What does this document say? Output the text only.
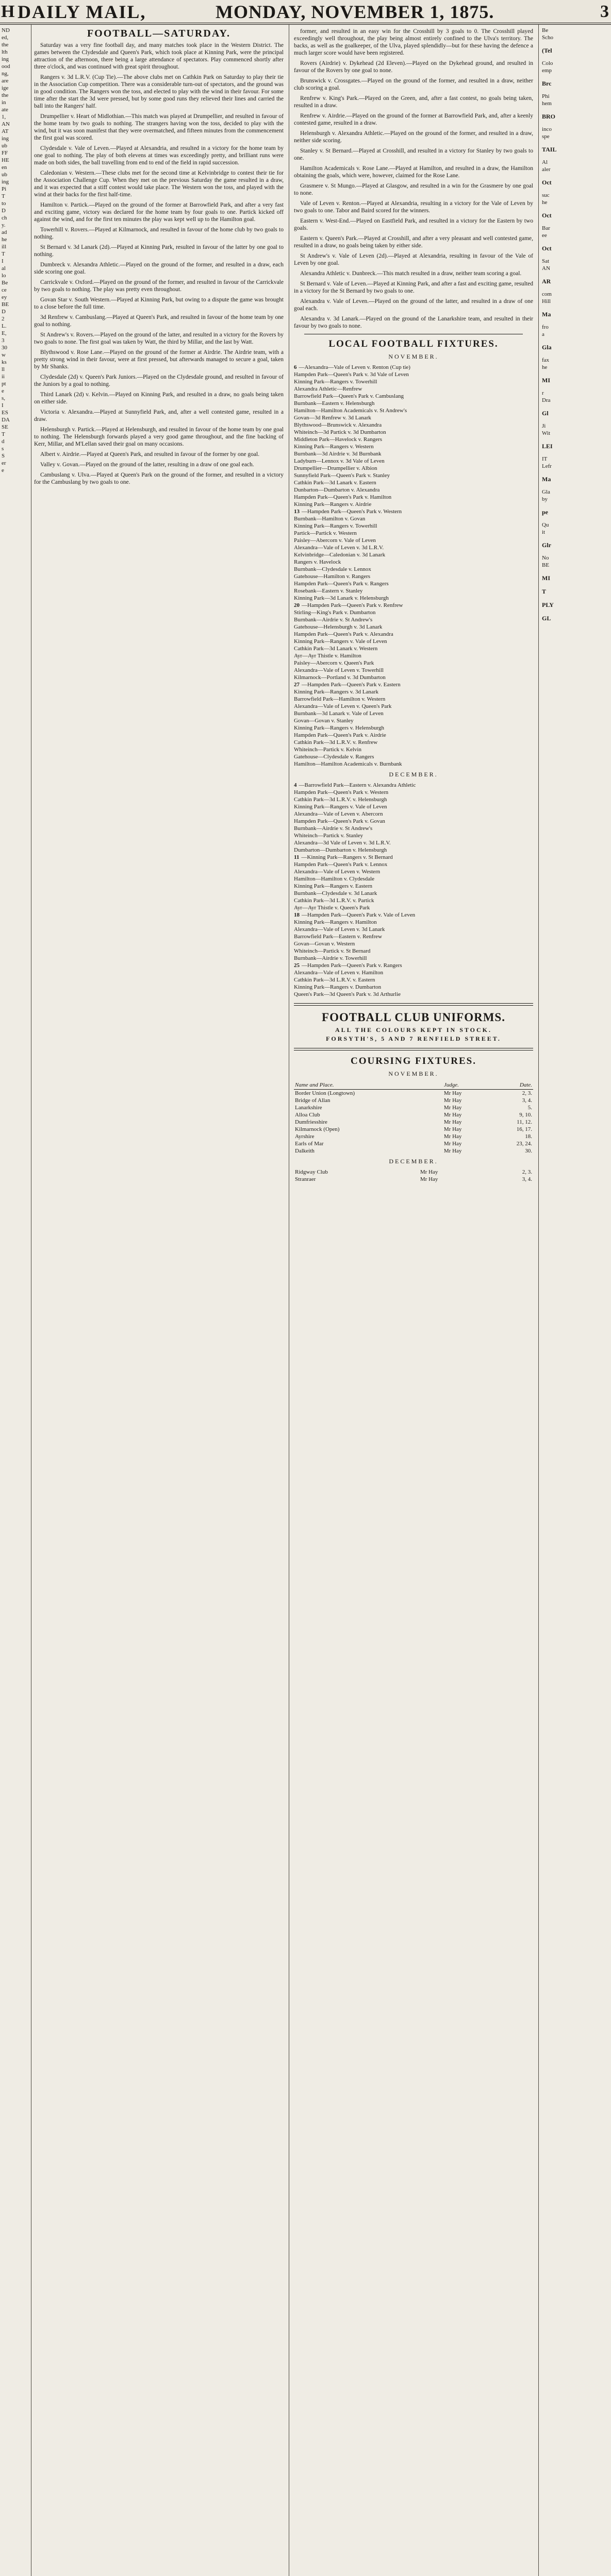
H DAILY MAIL,	MONDAY, NOVEMBER 1, 1875.	3
ND
ed,
the
lth
ing
ood
ng,
are
ige
the
in
ate
1,
AN
AT
ing
ub
FF
HE
en
ub
ing
Pi
T
to
D
ch
y.
ad
he
ill
T
I
al
lo
Be
ce
ey
BE
D
2
L.
E,
3
30
w
ks
ll
ii
pt
e
s,
I
ES
DA
SE
T
d
s
S
er
e
FOOTBALL—SATURDAY.

Saturday was a very fine football day, and many matches took place in the Western District. The games between the Clydesdale and Queen's Park, which took place at Kinning Park, were the principal attraction of the afternoon, there being a large attendance of spectators. Play commenced shortly after three o'clock, and was continued with great spirit throughout.

Rangers v. 3d L.R.V. (Cup Tie).—The above clubs met on Cathkin Park on Saturday to play their tie in the Association Cup competition. There was a considerable turn-out of spectators, and the ground was in good condition. The Rangers won the toss, and elected to play with the wind in their favour. For some time after the start the 3d were pressed, but by some good runs they relieved their lines and carried the ball into the Rangers' half.

Drumpellier v. Heart of Midlothian.—This match was played at Drumpellier, and resulted in favour of the home team by two goals to nothing. The strangers having won the toss, decided to play with the wind, but it was soon manifest that they were overmatched, and fifteen minutes from the commencement the first goal was scored.

Clydesdale v. Vale of Leven.—Played at Alexandria, and resulted in a victory for the home team by one goal to nothing. The play of both elevens at times was exceedingly pretty, and brilliant runs were made on both sides, the ball travelling from end to end of the field in rapid succession.

Caledonian v. Western.—These clubs met for the second time at Kelvinbridge to contest their tie for the Association Challenge Cup. When they met on the previous Saturday the game resulted in a draw, and it was expected that a stiff contest would take place. The Western won the toss, and played with the wind at their backs for the first half-time.

Hamilton v. Partick.—Played on the ground of the former at Barrowfield Park, and after a very fast and exciting game, victory was declared for the home team by four goals to one. Partick kicked off against the wind, and for the first ten minutes the play was kept well up to the Hamilton goal.

Towerhill v. Rovers.—Played at Kilmarnock, and resulted in favour of the home club by two goals to nothing.

St Bernard v. 3d Lanark (2d).—Played at Kinning Park, resulted in favour of the latter by one goal to nothing.

Dumbreck v. Alexandra Athletic.—Played on the ground of the former, and resulted in a draw, each side scoring one goal.

Carrickvale v. Oxford.—Played on the ground of the former, and resulted in favour of the Carrickvale by two goals to nothing. The play was pretty even throughout.

Govan Star v. South Western.—Played at Kinning Park, but owing to a dispute the game was brought to a close before the full time.

3d Renfrew v. Cambuslang.—Played at Queen's Park, and resulted in favour of the home team by one goal to nothing.

St Andrew's v. Rovers.—Played on the ground of the latter, and resulted in a victory for the Rovers by two goals to none. The first goal was taken by Watt, the third by Millar, and the last by Watt.

Blythswood v. Rose Lane.—Played on the ground of the former at Airdrie. The Airdrie team, with a pretty strong wind in their favour, were at first pressed, but afterwards managed to secure a goal, taken by Mr Shanks.

Clydesdale (2d) v. Queen's Park Juniors.—Played on the Clydesdale ground, and resulted in favour of the Juniors by a goal to nothing.

Third Lanark (2d) v. Kelvin.—Played on Kinning Park, and resulted in a draw, no goals being taken on either side.

Victoria v. Alexandra.—Played at Sunnyfield Park, and, after a well contested game, resulted in a draw.

Helensburgh v. Partick.—Played at Helensburgh, and resulted in favour of the home team by one goal to nothing. The Helensburgh forwards played a very good game throughout, and the fine backing of Kerr, Millar, and M'Lellan saved their goal on many occasions.

Albert v. Airdrie.—Played at Queen's Park, and resulted in favour of the former by one goal.

Valley v. Govan.—Played on the ground of the latter, resulting in a draw of one goal each.

Cambuslang v. Ulva.—Played at Queen's Park on the ground of the former, and resulted in a victory for the Cambuslang by two goals to one.

former, and resulted in an easy win for the Crosshill by 3 goals to 0. The Crosshill played exceedingly well throughout, the play being almost entirely confined to the Ulva's territory. The backs, as well as the goalkeeper, of the Ulva, played splendidly—but for these having the defence a much larger score would have been registered.

Rovers (Airdrie) v. Dykehead (2d Eleven).—Played on the Dykehead ground, and resulted in favour of the Rovers by one goal to none.

Brunswick v. Crossgates.—Played on the ground of the former, and resulted in a draw, neither club scoring a goal.

Renfrew v. King's Park.—Played on the Green, and, after a fast contest, no goals being taken, resulted in a draw.

Renfrew v. Airdrie.—Played on the ground of the former at Barrowfield Park, and, after a keenly contested game, resulted in a draw.

Helensburgh v. Alexandra Athletic.—Played on the ground of the former, and resulted in a draw, neither side scoring.

Stanley v. St Bernard.—Played at Crosshill, and resulted in a victory for Stanley by two goals to one.

Hamilton Academicals v. Rose Lane.—Played at Hamilton, and resulted in a draw, the Hamilton obtaining the goals, which were, however, claimed for the Rose Lane.

Grasmere v. St Mungo.—Played at Glasgow, and resulted in a win for the Grasmere by one goal to none.

Vale of Leven v. Renton.—Played at Alexandria, resulting in a victory for the Vale of Leven by two goals to one. Tabor and Baird scored for the winners.

Eastern v. West-End.—Played on Eastfield Park, and resulted in a victory for the Eastern by two goals.

Eastern v. Queen's Park.—Played at Crosshill, and after a very pleasant and well contested game, resulted in a draw, no goals being taken by either side.

St Andrew's v. Vale of Leven (2d).—Played at Alexandria, resulting in favour of the Vale of Leven by one goal.

Alexandra Athletic v. Dunbreck.—This match resulted in a draw, neither team scoring a goal.

St Bernard v. Vale of Leven.—Played at Kinning Park, and after a fast and exciting game, resulted in a victory for the St Bernard by two goals to one.

Alexandra v. Vale of Leven.—Played on the ground of the latter, and resulted in a draw of one goal each.

Alexandra v. 3d Lanark.—Played on the ground of the Lanarkshire team, and resulted in their favour by two goals to none.

LOCAL FOOTBALL FIXTURES.
NOVEMBER.
6 —Alexandra—Vale of Leven v. Renton (Cup tie)
Hampden Park—Queen's Park v. 3d Vale of Leven
Kinning Park—Rangers v. Towerhill
Alexandra Athletic—Renfrew
Barrowfield Park—Queen's Park v. Cambuslang
Burnbank—Eastern v. Helensburgh
Hamilton—Hamilton Academicals v. St Andrew's
Govan—3d Renfrew v. 3d Lanark
Blythswood—Brunswick v. Alexandra
Whiteinch—3d Partick v. 3d Dumbarton
Middleton Park—Havelock v. Rangers
Kinning Park—Rangers v. Western
Burnbank—3d Airdrie v. 3d Burnbank
Ladyburn—Lennox v. 3d Vale of Leven
Drumpellier—Drumpellier v. Albion
Sunnyfield Park—Queen's Park v. Stanley
Cathkin Park—3d Lanark v. Eastern
Dunbarton—Dumbarton v. Alexandra
Hampden Park—Queen's Park v. Hamilton
Kinning Park—Rangers v. Airdrie
13 —Hampden Park—Queen's Park v. Western
Burnbank—Hamilton v. Govan
Kinning Park—Rangers v. Towerhill
Partick—Partick v. Western
Paisley—Abercorn v. Vale of Leven
Alexandra—Vale of Leven v. 3d L.R.V.
Kelvinbridge—Caledonian v. 3d Lanark
Rangers v. Havelock
Burnbank—Clydesdale v. Lennox
Gatehouse—Hamilton v. Rangers
Hampden Park—Queen's Park v. Rangers
Rosebank—Eastern v. Stanley
Kinning Park—3d Lanark v. Helensburgh
20 —Hampden Park—Queen's Park v. Renfrew
Stirling—King's Park v. Dumbarton
Burnbank—Airdrie v. St Andrew's
Gatehouse—Helensburgh v. 3d Lanark
Hampden Park—Queen's Park v. Alexandra
Kinning Park—Rangers v. Vale of Leven
Cathkin Park—3d Lanark v. Western
Ayr—Ayr Thistle v. Hamilton
Paisley—Abercorn v. Queen's Park
Alexandra—Vale of Leven v. Towerhill
Kilmarnock—Portland v. 3d Dumbarton
27 —Hampden Park—Queen's Park v. Eastern
Kinning Park—Rangers v. 3d Lanark
Barrowfield Park—Hamilton v. Western
Alexandra—Vale of Leven v. Queen's Park
Burnbank—3d Lanark v. Vale of Leven
Govan—Govan v. Stanley
Kinning Park—Rangers v. Helensburgh
Hampden Park—Queen's Park v. Airdrie
Cathkin Park—3d L.R.V. v. Renfrew
Whiteinch—Partick v. Kelvin
Gatehouse—Clydesdale v. Rangers
Hamilton—Hamilton Academicals v. Burnbank
DECEMBER.
4 —Barrowfield Park—Eastern v. Alexandra Athletic
Hampden Park—Queen's Park v. Western
Cathkin Park—3d L.R.V. v. Helensburgh
Kinning Park—Rangers v. Vale of Leven
Alexandra—Vale of Leven v. Abercorn
Hampden Park—Queen's Park v. Govan
Burnbank—Airdrie v. St Andrew's
Whiteinch—Partick v. Stanley
Alexandra—3d Vale of Leven v. 3d L.R.V.
Dumbarton—Dumbarton v. Helensburgh
11 —Kinning Park—Rangers v. St Bernard
Hampden Park—Queen's Park v. Lennox
Alexandra—Vale of Leven v. Western
Hamilton—Hamilton v. Clydesdale
Kinning Park—Rangers v. Eastern
Burnbank—Clydesdale v. 3d Lanark
Cathkin Park—3d L.R.V. v. Partick
Ayr—Ayr Thistle v. Queen's Park
18 —Hampden Park—Queen's Park v. Vale of Leven
Kinning Park—Rangers v. Hamilton
Alexandra—Vale of Leven v. 3d Lanark
Barrowfield Park—Eastern v. Renfrew
Govan—Govan v. Western
Whiteinch—Partick v. St Bernard
Burnbank—Airdrie v. Towerhill
25 —Hampden Park—Queen's Park v. Rangers
Alexandra—Vale of Leven v. Hamilton
Cathkin Park—3d L.R.V. v. Eastern
Kinning Park—Rangers v. Dumbarton
Queen's Park—3d Queen's Park v. 3d Arthurlie
FOOTBALL CLUB UNIFORMS.
ALL THE COLOURS KEPT IN STOCK.
FORSYTH'S, 5 AND 7 RENFIELD STREET.
COURSING FIXTURES.
NOVEMBER.
Name and Place.	Judge.	Date.
Border Union (Longtown)	Mr Hay	2, 3.
Bridge of Allan	Mr Hay	3, 4.
Lanarkshire	Mr Hay	5.
Alloa Club	Mr Hay	9, 10.
Dumfriesshire	Mr Hay	11, 12.
Kilmarnock (Open)	Mr Hay	16, 17.
Ayrshire	Mr Hay	18.
Earls of Mar	Mr Hay	23, 24.
Dalkeith	Mr Hay	30.
DECEMBER.
Ridgway Club	Mr Hay	2, 3.
Stranraer	Mr Hay	3, 4.
Be
Scho
(Tel
Colo
emp
Brc
Phi
hem
BRO
inco
spe
TAIL
Al
aler
Oct
suc
he
Oct
Bar
ee
Oct
Sat
AN
AR
com
Hill
Ma
fro
a
Gla
fax
he
MI
r
Dra
Gl
Ji
Wit
LEI
IT
Lefr
Ma
Gla
by
pe
Qu
it
Glr
No
BE
MI
T
PLY
GL
